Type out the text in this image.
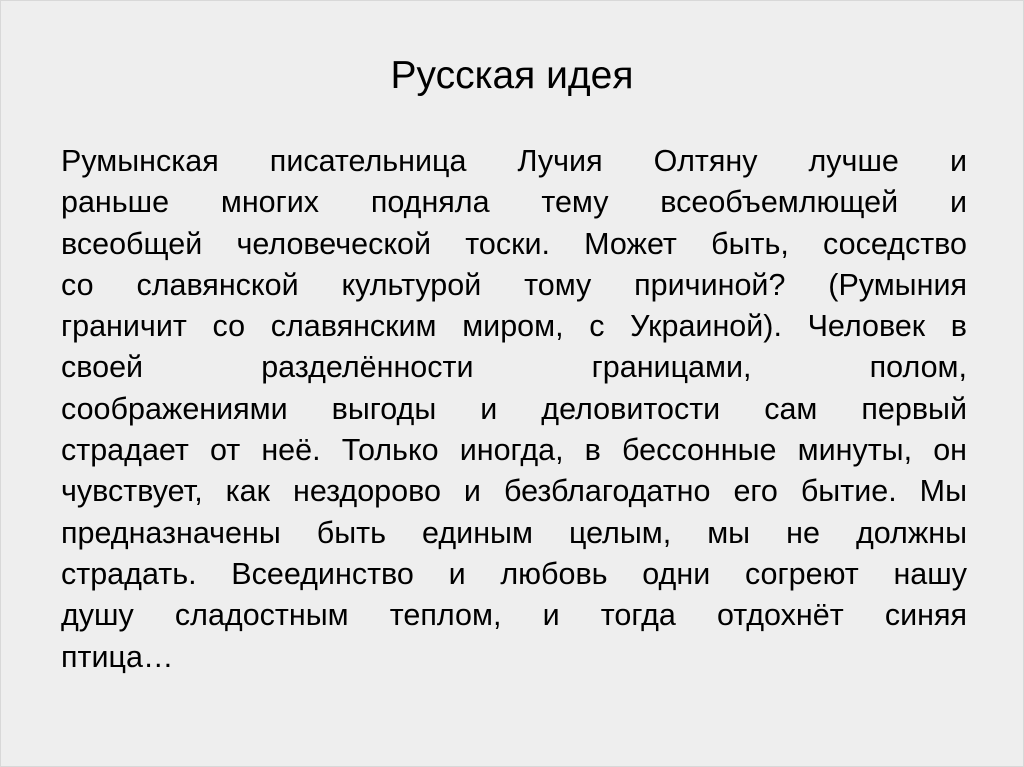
Русская идея
Румынская писательница Лучия Олтяну лучше и
раньше многих подняла тему всеобъемлющей и
всеобщей человеческой тоски. Может быть, соседство
со славянской культурой тому причиной? (Румыния
граничит со славянским миром, с Украиной). Человек в
своей разделённости границами, полом,
соображениями выгоды и деловитости сам первый
страдает от неё. Только иногда, в бессонные минуты, он
чувствует, как нездорово и безблагодатно его бытие. Мы
предназначены быть единым целым, мы не должны
страдать. Всеединство и любовь одни согреют нашу
душу сладостным теплом, и тогда отдохнёт синяя
птица…
